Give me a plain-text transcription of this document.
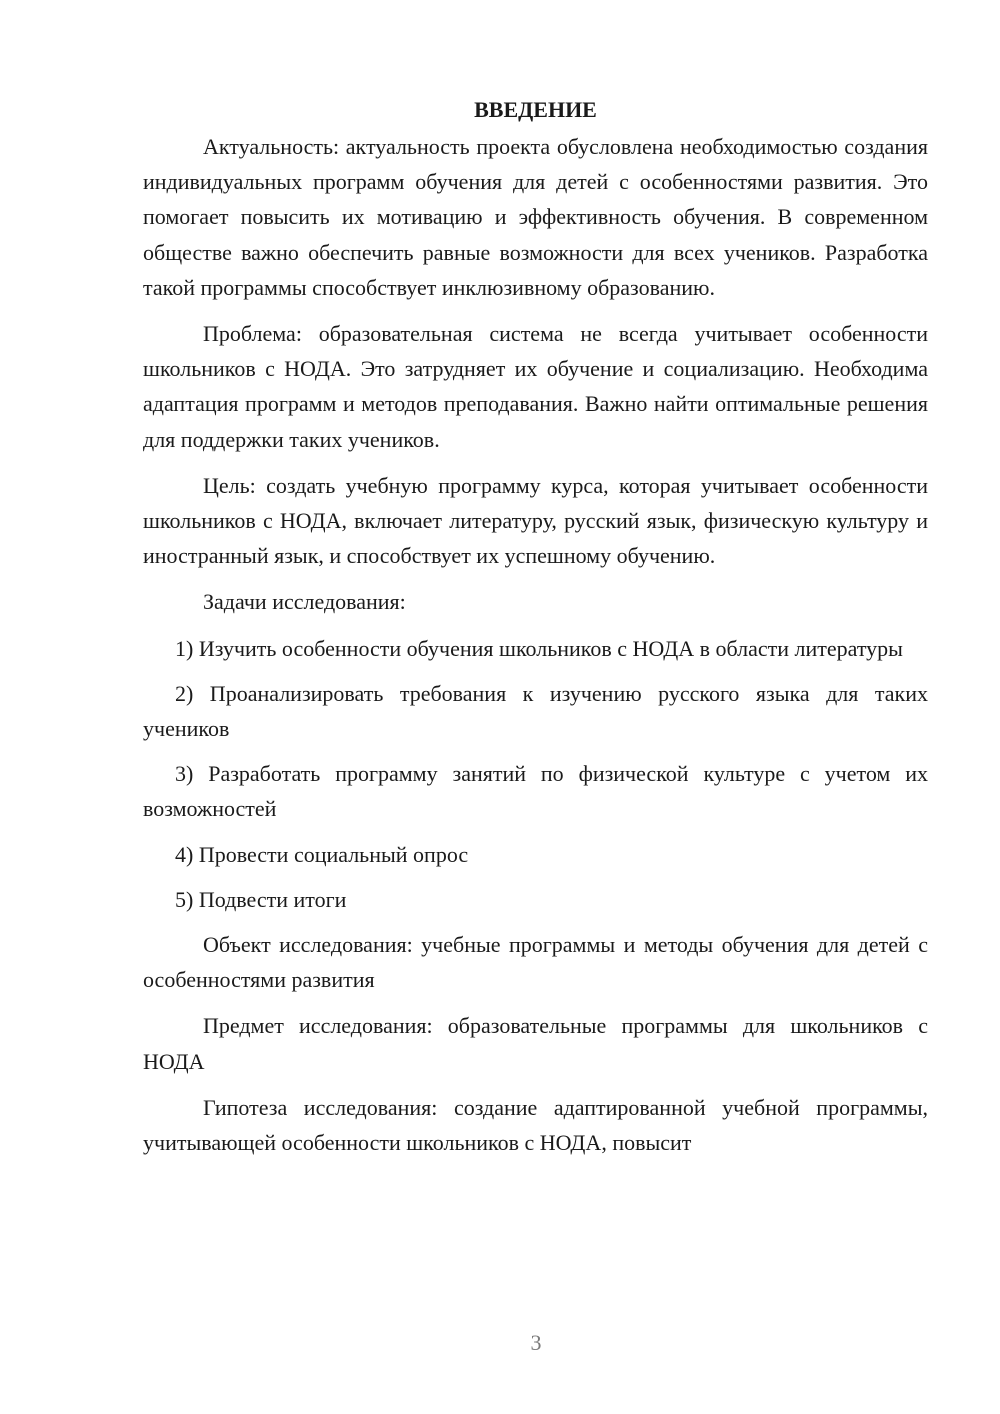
ВВЕДЕНИЕ

Актуальность: актуальность проекта обусловлена необходимостью создания индивидуальных программ обучения для детей с особенностями развития. Это помогает повысить их мотивацию и эффективность обучения. В современном обществе важно обеспечить равные возможности для всех учеников. Разработка такой программы способствует инклюзивному образованию.

Проблема: образовательная система не всегда учитывает особенности школьников с НОДА. Это затрудняет их обучение и социализацию. Необходима адаптация программ и методов преподавания. Важно найти оптимальные решения для поддержки таких учеников.

Цель: создать учебную программу курса, которая учитывает особенности школьников с НОДА, включает литературу, русский язык, физическую культуру и иностранный язык, и способствует их успешному обучению.

Задачи исследования:

1) Изучить особенности обучения школьников с НОДА в области литературы

2) Проанализировать требования к изучению русского языка для таких учеников

3) Разработать программу занятий по физической культуре с учетом их возможностей

4) Провести социальный опрос

5) Подвести итоги

Объект исследования: учебные программы и методы обучения для детей с особенностями развития

Предмет исследования: образовательные программы для школьников с НОДА

Гипотеза исследования: создание адаптированной учебной программы, учитывающей особенности школьников с НОДА, повысит

3
